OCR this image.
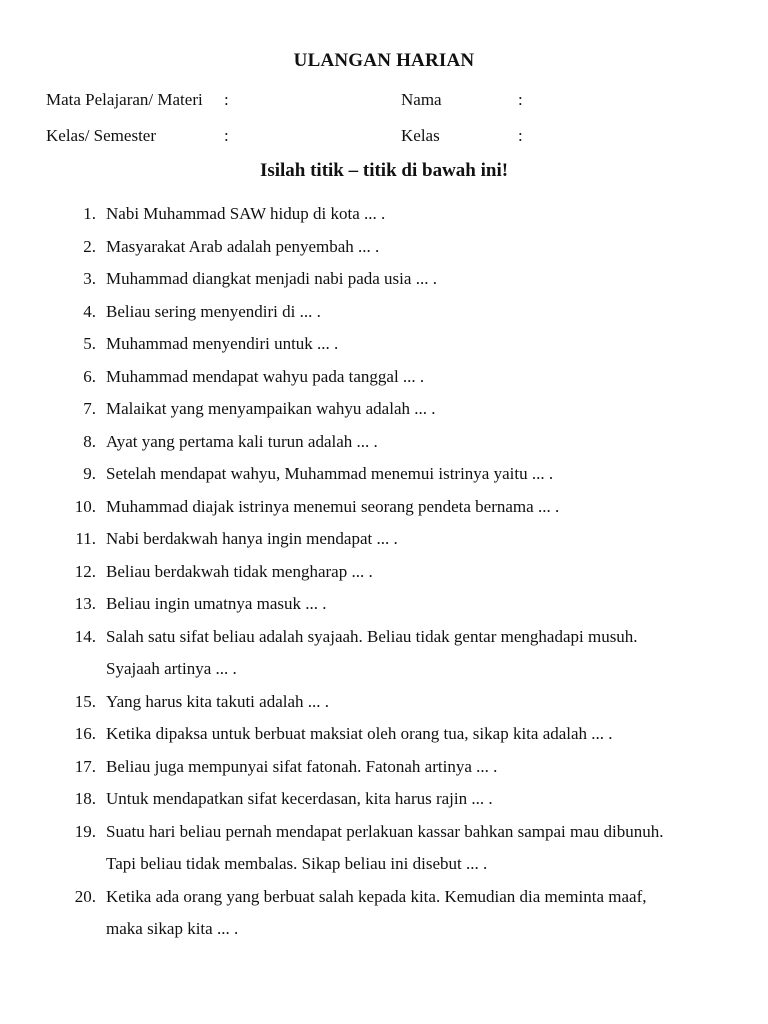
ULANGAN HARIAN
Mata Pelajaran/ Materi :	Nama	:
Kelas/ Semester	:	Kelas	:
Isilah titik – titik di bawah ini!
1. Nabi Muhammad SAW hidup di kota ... .
2. Masyarakat Arab adalah penyembah ... .
3. Muhammad diangkat menjadi nabi pada usia ... .
4. Beliau sering menyendiri di ... .
5. Muhammad menyendiri untuk ... .
6. Muhammad mendapat wahyu pada tanggal ... .
7. Malaikat yang menyampaikan wahyu adalah ... .
8. Ayat yang pertama kali turun adalah ... .
9. Setelah mendapat wahyu, Muhammad menemui istrinya yaitu ... .
10. Muhammad diajak istrinya menemui seorang pendeta bernama ... .
11. Nabi berdakwah hanya ingin mendapat ... .
12. Beliau berdakwah tidak mengharap ... .
13. Beliau ingin umatnya masuk ... .
14. Salah satu sifat beliau adalah syajaah. Beliau tidak gentar menghadapi musuh.
Syajaah artinya ... .
15. Yang harus kita takuti adalah ... .
16. Ketika dipaksa untuk berbuat maksiat oleh orang tua, sikap kita adalah ... .
17. Beliau juga mempunyai sifat fatonah. Fatonah artinya ... .
18. Untuk mendapatkan sifat kecerdasan, kita harus rajin ... .
19. Suatu hari beliau pernah mendapat perlakuan kassar bahkan sampai mau dibunuh.
Tapi beliau tidak membalas. Sikap beliau ini disebut ... .
20. Ketika ada orang yang berbuat salah kepada kita. Kemudian dia meminta maaf,
maka sikap kita ... .
